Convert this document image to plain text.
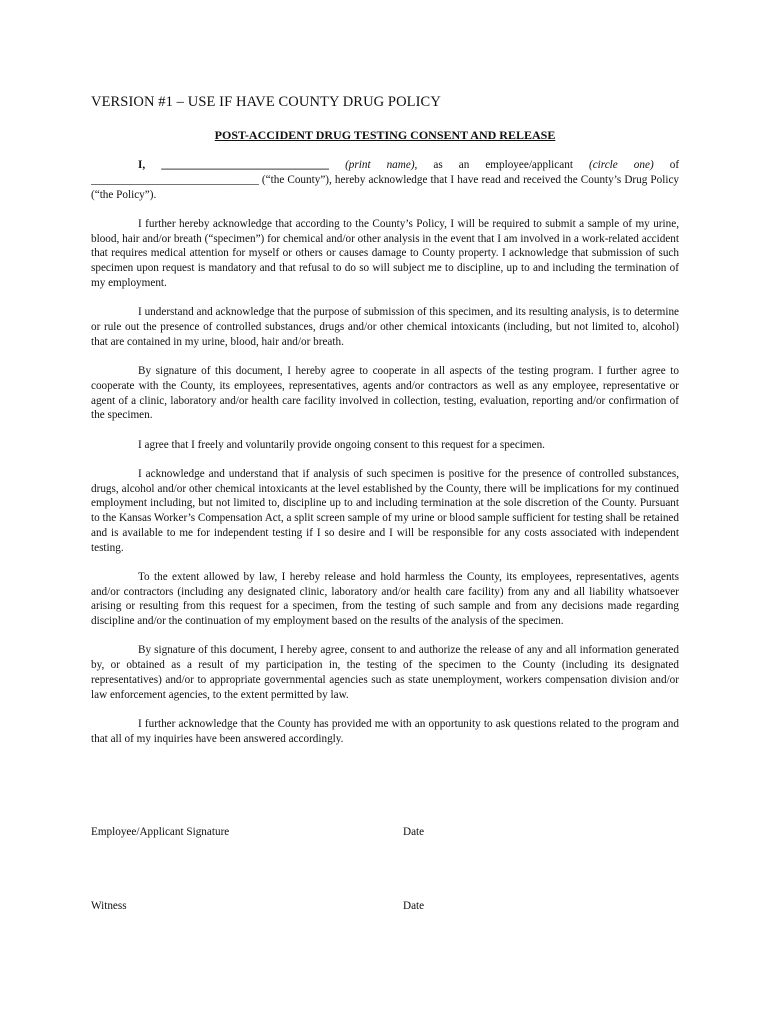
VERSION #1 – USE IF HAVE COUNTY DRUG POLICY
POST-ACCIDENT DRUG TESTING CONSENT AND RELEASE

I, ______________________________ (print name), as an employee/applicant (circle one) of ______________________________ (“the County”), hereby acknowledge that I have read and received the County’s Drug Policy (“the Policy”).

I further hereby acknowledge that according to the County’s Policy, I will be required to submit a sample of my urine, blood, hair and/or breath (“specimen”) for chemical and/or other analysis in the event that I am involved in a work-related accident that requires medical attention for myself or others or causes damage to County property. I acknowledge that submission of such specimen upon request is mandatory and that refusal to do so will subject me to discipline, up to and including the termination of my employment.

I understand and acknowledge that the purpose of submission of this specimen, and its resulting analysis, is to determine or rule out the presence of controlled substances, drugs and/or other chemical intoxicants (including, but not limited to, alcohol) that are contained in my urine, blood, hair and/or breath.

By signature of this document, I hereby agree to cooperate in all aspects of the testing program. I further agree to cooperate with the County, its employees, representatives, agents and/or contractors as well as any employee, representative or agent of a clinic, laboratory and/or health care facility involved in collection, testing, evaluation, reporting and/or confirmation of the specimen.

I agree that I freely and voluntarily provide ongoing consent to this request for a specimen.

I acknowledge and understand that if analysis of such specimen is positive for the presence of controlled substances, drugs, alcohol and/or other chemical intoxicants at the level established by the County, there will be implications for my continued employment including, but not limited to, discipline up to and including termination at the sole discretion of the County. Pursuant to the Kansas Worker’s Compensation Act, a split screen sample of my urine or blood sample sufficient for testing shall be retained and is available to me for independent testing if I so desire and I will be responsible for any costs associated with independent testing.

To the extent allowed by law, I hereby release and hold harmless the County, its employees, representatives, agents and/or contractors (including any designated clinic, laboratory and/or health care facility) from any and all liability whatsoever arising or resulting from this request for a specimen, from the testing of such sample and from any decisions made regarding discipline and/or the continuation of my employment based on the results of the analysis of the specimen.

By signature of this document, I hereby agree, consent to and authorize the release of any and all information generated by, or obtained as a result of my participation in, the testing of the specimen to the County (including its designated representatives) and/or to appropriate governmental agencies such as state unemployment, workers compensation division and/or law enforcement agencies, to the extent permitted by law.

I further acknowledge that the County has provided me with an opportunity to ask questions related to the program and that all of my inquiries have been answered accordingly.

Employee/Applicant Signature	Date
Witness	Date
